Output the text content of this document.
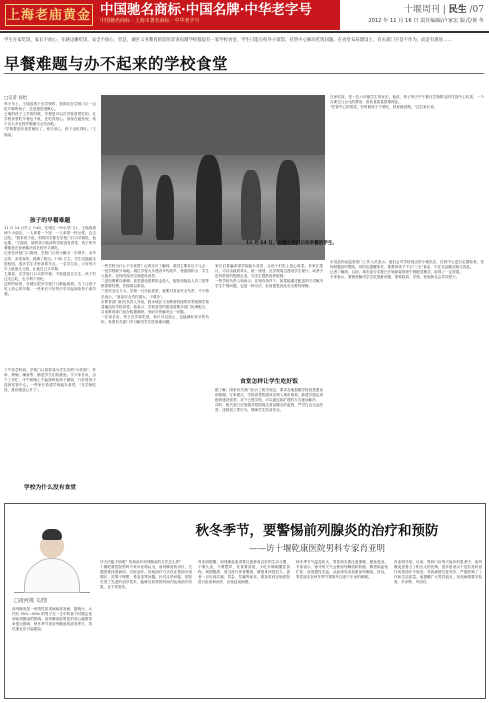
上海老庙黄金 中国驰名商标·中国名牌·中华老字号
中国驰名商标 · 上海市著名商标 · 中华老字号
十堰周刊 | 民生 /07
2012 年 11 月 16 日 责任编辑/卢家宏 版式/黄 冬
学生在家吃饭，家长不放心，在路边摊吃饭，安全不放心，但是，城区义务教育阶段的非寄宿制学校都没有一家学校食堂，学生只能在校外小饭馆、托管中心解决吃饭问题。在食堂布局建设上，有关部门不是不作为，而是有难处……
早餐难题与办不起来的学校食堂
□记者 孙怡
每天早上，王瑞送孩子去学校时，看到站在学校门口一边吃早餐的孩子，总是感觉很揪心。
王瑞的孩子上学的时候，早餐是可以在学校食堂吃的。在学校食堂吃早餐也不贵，还吃得放心。但现在她发现，孩子们大多在校外随便买点东西吃。
"学校要是有食堂就好了，家长省心，孩子也吃得好。"王瑞说。
孩子的早餐难题
11 月 14 日早上 7:40，在城区一所小学门口，王瑞看到两个小朋友，一人拿着一个饼，一人拿着一杯豆浆，边走边吃。"我家孩子说，别的同学都在学校门口买早餐吃，他也要。"王瑞说，她的孩子就读的学校没有食堂，孩子的早餐都是在家里解决或在校外买着吃。
记者在该校门口看到，学校门口的小摊点一字排开，卖早点的、卖零食的，挤满了路边。7:30 左右，学生们陆续走进校园，很多学生手里拿着早点。一名学生说，父母每天早上给他几元钱，让他自己买早餐。
王瑞说，在学校门口买的早餐，不知道是否卫生，孩子们边走边吃，也不利于消化。
这样的场景，在城区很多学校门口都能看到。为了让孩子吃上放心的早餐，一些家长只好每天早早起床给孩子做早餐。
下午放学时间，学校门口同样成为学生们的"小吃街"，炸串、烤肠、辣条等，都是学生们的最爱。不少家长说，由于工作忙，中午和晚上不能按时给孩子做饭，只好将孩子送到托管中心。一些家长希望学校能办食堂，"在学校吃饭，我们就放心多了"。
学校为什么没有食堂
11 月 14 日，五堰小学门口买早餐的学生。
一些学校为什么不办食堂？记者走访了解到，原因主要有以下几点：
一是学校缺少场地。城区学校大多建设年代较早，校园面积小，学生人数多，在校内没有空间建设食堂。
二是经费难以保障。食堂建设需要资金投入，配套设施及人员工资等都需要经费，学校难以承担。
三是安全压力大。学校一旦办起食堂，就要对食品安全负责，不少校长表示，"食品安全责任重大，不敢办"。
市教育部门相关负责人介绍，我市城区义务教育阶段的非寄宿制学校普遍没有学校食堂。他表示，学校食堂的建设需要多部门协调配合，目前教育部门也在积极调研，争取尽快解决这一问题。
一位家长说，孩子在学校吃饭，家长可以放心，也能减轻家长的负担，希望有关部门早日解决学生吃饭难问题。
家长们普遍希望学校能办食堂，让孩子们吃上放心饭菜。有家长建议，可以由政府牵头，统一规划，在学校周边建设学生餐厅，或者引进有资质的配餐企业，为学生提供营养配餐。
一些学校负责人则表示，在现有条件下，如果能通过配送的方式解决学生午餐问题，也是一种办法，但前提是食品安全要有保障。
食堂怎样让学生吃好饭
据了解，国家有关部门出台了相关规定，要求各地加强学校食堂建设和管理。专家建议，学校食堂的建设应纳入城市规划，新建学校必须配套建设食堂；对于已建学校，可以通过改扩建的方式逐步解决。
同时，相关部门应加强对校园周边食品摊点的监管，严厉打击无证经营、违规加工等行为，保障学生饮食安全。
在家吃饭，是一位六年级学生的家长。他说，孩子每天中午都在学校附近的托管中心吃饭，一个月要交几百元的费用，但伙食质量很难保证。
"托管中心的饭菜，有时候孩子不爱吃，回家就说饿。"这位家长说。
市食品药品监管部门工作人员表示，他们会对学校周边的小餐饮店、托管中心进行定期检查，发现问题及时整改，同时也提醒家长，要教育孩子不买"三无"食品，不在无证摊点购买食品。
记者了解到，目前，我市部分学校已开始探索营养午餐配送模式，取得了一定效果。
专家表示，要彻底解决学生吃饭难问题，需要政府、学校、家庭和社会共同努力。
□凌河漫 文/图
秋冬季节，要警惕前列腺炎的治疗和预防
——访十堰乾康医院男科专家肖亚明
前列腺炎是一种男性常见病和高发病，据统计，大约有 35%～50% 的男子在一生中的某个时期会受到前列腺炎的影响。前列腺炎给男性的身心健康带来很大影响，秋冬季节是前列腺炎的高发季节，男性朋友应引起重视。
疗方法能不好呢？传统治疗前列腺炎的方法怎么样？
十堰乾康医院男科专家肖亚明认为，前列腺炎的治疗，关键是要找准病因，对症治疗。传统治疗方法存在着治疗周期长、效果不理想、易复发等问题。针对这些问题，医院引进了先进的治疗技术，能够在较短的时间内达到治疗效果，且不易复发。
肖亚明提醒，前列腺炎患者要注意养成良好的生活习惯，不要久坐，不要憋尿，饮食要清淡，少吃辛辣刺激性食物，戒烟限酒，适当进行体育锻炼，增强身体抵抗力。患者一旦出现尿频、尿急、尿痛等症状，要及时到正规医院进行检查和治疗，以免延误病情。
秋冬季节气温变化大，男性朋友要注意保暖，避免受凉。专家表示，寒冷的天气会使前列腺组织收缩、腺管和血管扩张，造成慢性充血，从而诱发或加重前列腺炎。所以，男性朋友在秋冬季节要格外注意下半身的保暖。
肖亚明介绍，目前，男科门诊每天接诊的患者中，前列腺炎患者占了相当大的比例，很多患者由于没有及时治疗或者治疗不规范，导致病情反复发作，严重影响了工作和生活质量。他提醒广大男性朋友，发现病情要早检查、早诊断、早治疗。
